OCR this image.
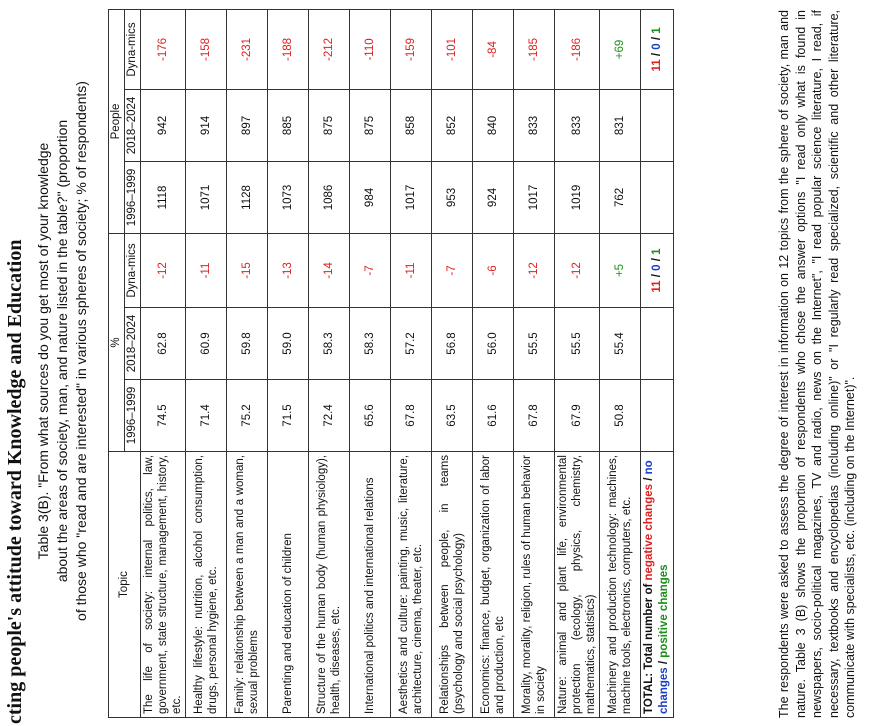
cting people's attitude toward Knowledge and Education Table 3(B). "From what sources do you get most of your knowledge about the areas of society, man, and nature listed in the table?" (proportion of those who "read and are interested" in various spheres of society; % of respondents)	Topic	%			People		
	1996–1999	2018–2024	Dyna-mics	1996–1999	2018–2024	Dyna-mics
The life of society: internal politics, law, government, state structure, management, history, etc.	74.5	62.8	-12	1118	942	-176
Healthy lifestyle: nutrition, alcohol consumption, drugs, personal hygiene, etc.	71.4	60.9	-11	1071	914	-158
Family: relationship between a man and a woman, sexual problems	75.2	59.8	-15	1128	897	-231
Parenting and education of children	71.5	59.0	-13	1073	885	-188
Structure of the human body (human physiology), health, diseases, etc.	72.4	58.3	-14	1086	875	-212
International politics and international relations	65.6	58.3	-7	984	875	-110
Aesthetics and culture: painting, music, literature, architecture, cinema, theater, etc.	67.8	57.2	-11	1017	858	-159
Relationships between people, in teams (psychology and social psychology)	63.5	56.8	-7	953	852	-101
Economics: finance, budget, organization of labor and production, etc	61.6	56.0	-6	924	840	-84
Morality, morality, religion, rules of human behavior in society	67.8	55.5	-12	1017	833	-185
Nature: animal and plant life, environmental protection (ecology, physics, chemistry, mathematics, statistics)	67.9	55.5	-12	1019	833	-186
Machinery and production technology: machines, machine tools, electronics, computers, etc.	50.8	55.4	+5	762	831	+69
TOTAL: Total number of negative changes / no changes / positive changes			11 / 0 / 1			11 / 0 / 1	The respondents were asked to assess the degree of interest in information on 12 topics from the sphere of society, man and nature. Table 3 (B) shows the proportion of respondents who chose the answer options "I read only what is found in newspapers, socio-political magazines, TV and radio, news on the Internet", "I read popular science literature, I read, if necessary, textbooks and encyclopedias (including online)" or "I regularly read specialized, scientific and other literature, communicate with specialists, etc. (including on the Internet)".
